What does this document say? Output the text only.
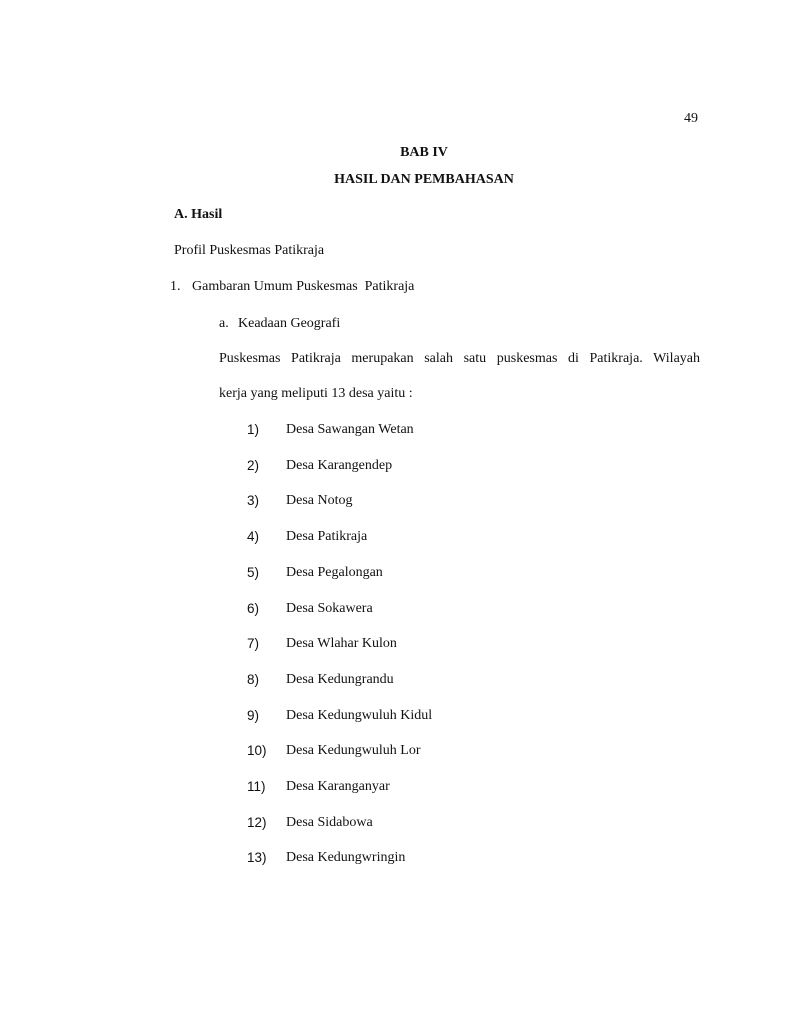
49
BAB IV
HASIL DAN PEMBAHASAN
A. Hasil
Profil Puskesmas Patikraja
1. Gambaran Umum Puskesmas  Patikraja
a. Keadaan Geografi
Puskesmas Patikraja merupakan salah satu puskesmas di Patikraja. Wilayah
kerja yang meliputi 13 desa yaitu :
1)	Desa Sawangan Wetan
2)	Desa Karangendep
3)	Desa Notog
4)	Desa Patikraja
5)	Desa Pegalongan
6)	Desa Sokawera
7)	Desa Wlahar Kulon
8)	Desa Kedungrandu
9)	Desa Kedungwuluh Kidul
10)	Desa Kedungwuluh Lor
11)	Desa Karanganyar
12)	Desa Sidabowa
13)	Desa Kedungwringin
